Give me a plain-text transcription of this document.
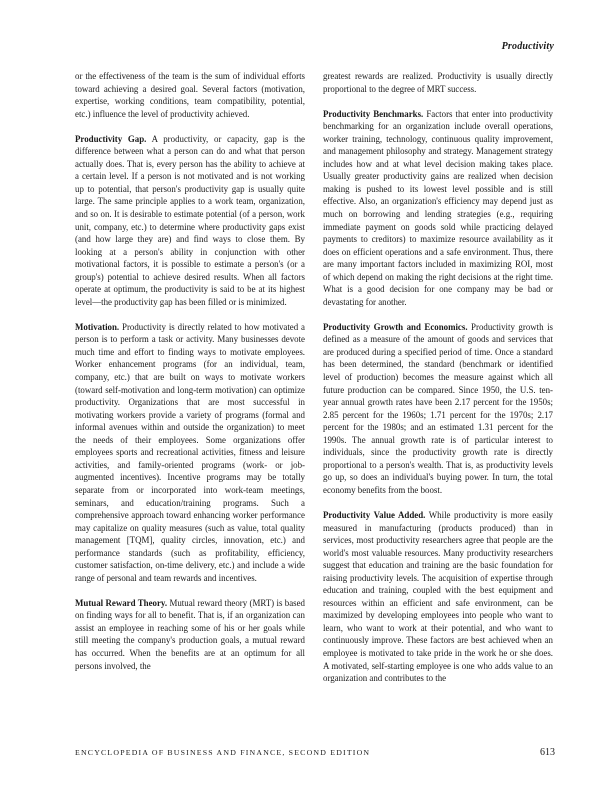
Productivity

or the effectiveness of the team is the sum of individual efforts toward achieving a desired goal. Several factors (motivation, expertise, working conditions, team compatibility, potential, etc.) influence the level of productivity achieved.

Productivity Gap. A productivity, or capacity, gap is the difference between what a person can do and what that person actually does. That is, every person has the ability to achieve at a certain level. If a person is not motivated and is not working up to potential, that person's productivity gap is usually quite large. The same principle applies to a work team, organization, and so on. It is desirable to estimate potential (of a person, work unit, company, etc.) to determine where productivity gaps exist (and how large they are) and find ways to close them. By looking at a person's ability in conjunction with other motivational factors, it is possible to estimate a person's (or a group's) potential to achieve desired results. When all factors operate at optimum, the productivity is said to be at its highest level—the productivity gap has been filled or is minimized.

Motivation. Productivity is directly related to how motivated a person is to perform a task or activity. Many businesses devote much time and effort to finding ways to motivate employees. Worker enhancement programs (for an individual, team, company, etc.) that are built on ways to motivate workers (toward self-motivation and long-term motivation) can optimize productivity. Organizations that are most successful in motivating workers provide a variety of programs (formal and informal avenues within and outside the organization) to meet the needs of their employees. Some organizations offer employees sports and recreational activities, fitness and leisure activities, and family-oriented programs (work- or job-augmented incentives). Incentive programs may be totally separate from or incorporated into work-team meetings, seminars, and education/training programs. Such a comprehensive approach toward enhancing worker performance may capitalize on quality measures (such as value, total quality management [TQM], quality circles, innovation, etc.) and performance standards (such as profitability, efficiency, customer satisfaction, on-time delivery, etc.) and include a wide range of personal and team rewards and incentives.

Mutual Reward Theory. Mutual reward theory (MRT) is based on finding ways for all to benefit. That is, if an organization can assist an employee in reaching some of his or her goals while still meeting the company's production goals, a mutual reward has occurred. When the benefits are at an optimum for all persons involved, the

greatest rewards are realized. Productivity is usually directly proportional to the degree of MRT success.

Productivity Benchmarks. Factors that enter into productivity benchmarking for an organization include overall operations, worker training, technology, continuous quality improvement, and management philosophy and strategy. Management strategy includes how and at what level decision making takes place. Usually greater productivity gains are realized when decision making is pushed to its lowest level possible and is still effective. Also, an organization's efficiency may depend just as much on borrowing and lending strategies (e.g., requiring immediate payment on goods sold while practicing delayed payments to creditors) to maximize resource availability as it does on efficient operations and a safe environment. Thus, there are many important factors included in maximizing ROI, most of which depend on making the right decisions at the right time. What is a good decision for one company may be bad or devastating for another.

Productivity Growth and Economics. Productivity growth is defined as a measure of the amount of goods and services that are produced during a specified period of time. Once a standard has been determined, the standard (benchmark or identified level of production) becomes the measure against which all future production can be compared. Since 1950, the U.S. ten-year annual growth rates have been 2.17 percent for the 1950s; 2.85 percent for the 1960s; 1.71 percent for the 1970s; 2.17 percent for the 1980s; and an estimated 1.31 percent for the 1990s. The annual growth rate is of particular interest to individuals, since the productivity growth rate is directly proportional to a person's wealth. That is, as productivity levels go up, so does an individual's buying power. In turn, the total economy benefits from the boost.

Productivity Value Added. While productivity is more easily measured in manufacturing (products produced) than in services, most productivity researchers agree that people are the world's most valuable resources. Many productivity researchers suggest that education and training are the basic foundation for raising productivity levels. The acquisition of expertise through education and training, coupled with the best equipment and resources within an efficient and safe environment, can be maximized by developing employees into people who want to learn, who want to work at their potential, and who want to continuously improve. These factors are best achieved when an employee is motivated to take pride in the work he or she does. A motivated, self-starting employee is one who adds value to an organization and contributes to the

ENCYCLOPEDIA OF BUSINESS AND FINANCE, SECOND EDITION	613
